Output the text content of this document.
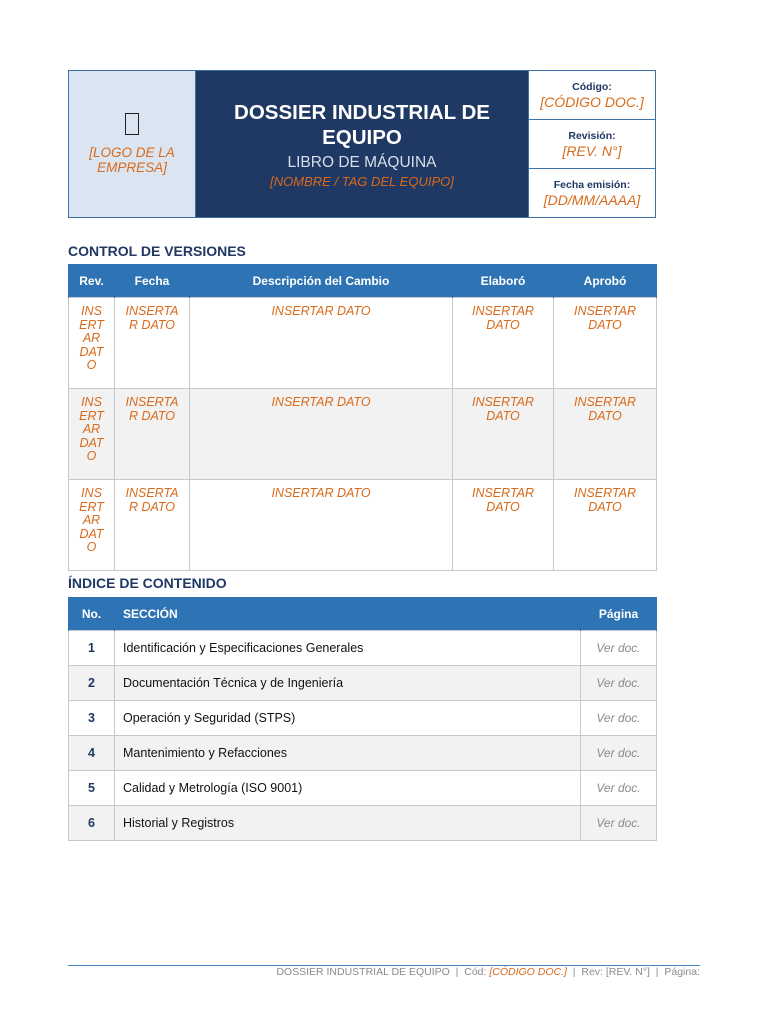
[LOGO DE LA EMPRESA]
DOSSIER INDUSTRIAL DE EQUIPO
LIBRO DE MÁQUINA
[NOMBRE / TAG DEL EQUIPO]
Código:
[CÓDIGO DOC.]
Revisión:
[REV. N°]
Fecha emisión:
[DD/MM/AAAA]
CONTROL DE VERSIONES
Rev.	Fecha	Descripción del Cambio	Elaboró	Aprobó
INSERTAR DATO	INSERTAR DATO	INSERTAR DATO	INSERTAR DATO	INSERTAR DATO
INSERTAR DATO	INSERTAR DATO	INSERTAR DATO	INSERTAR DATO	INSERTAR DATO
INSERTAR DATO	INSERTAR DATO	INSERTAR DATO	INSERTAR DATO	INSERTAR DATO
ÍNDICE DE CONTENIDO
No.	SECCIÓN	Página
1	Identificación y Especificaciones Generales	Ver doc.
2	Documentación Técnica y de Ingeniería	Ver doc.
3	Operación y Seguridad (STPS)	Ver doc.
4	Mantenimiento y Refacciones	Ver doc.
5	Calidad y Metrología (ISO 9001)	Ver doc.
6	Historial y Registros	Ver doc.
DOSSIER INDUSTRIAL DE EQUIPO | Cód: [CÓDIGO DOC.] | Rev: [REV. N°] | Página:
